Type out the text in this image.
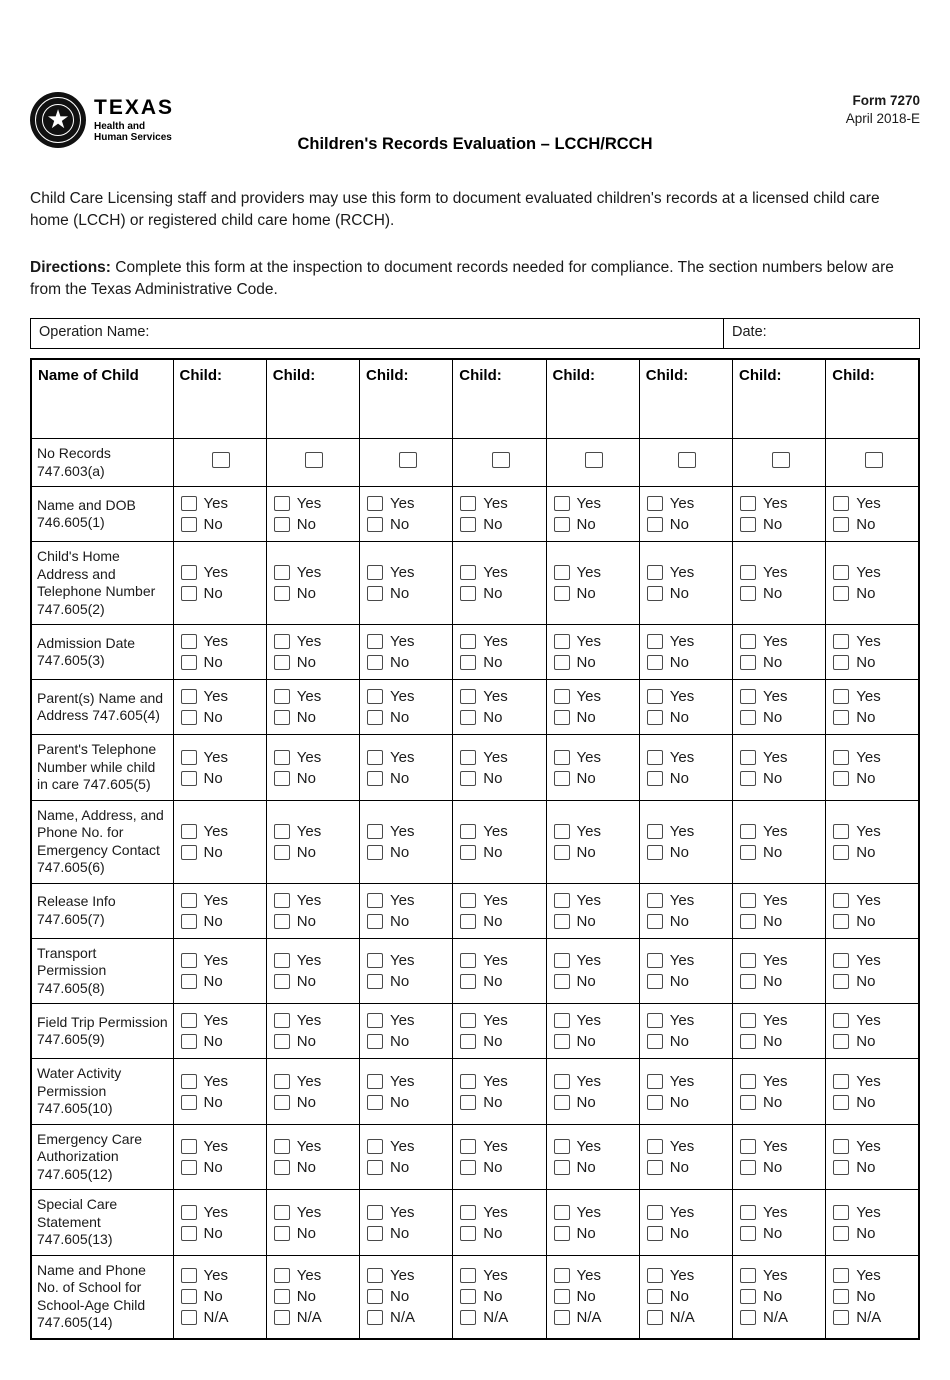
★	TEXAS
Health and Human Services
Form 7270
April 2018-E
Children's Records Evaluation – LCCH/RCCH

Child Care Licensing staff and providers may use this form to document evaluated children's records at a licensed child care home (LCCH) or registered child care home (RCCH).

Directions: Complete this form at the inspection to document records needed for compliance. The section numbers below are from the Texas Administrative Code.

Operation Name:	Date:
Name of Child	Child:	Child:	Child:	Child:	Child:	Child:	Child:	Child:
No Records 747.603(a)								
Name and DOB 746.605(1)	Yes
No	Yes
No	Yes
No	Yes
No	Yes
No	Yes
No	Yes
No	Yes
No

Child's Home Address and Telephone Number 747.605(2)	Yes
No	Yes
No	Yes
No	Yes
No	Yes
No	Yes
No	Yes
No	Yes
No

Admission Date 747.605(3)	Yes
No	Yes
No	Yes
No	Yes
No	Yes
No	Yes
No	Yes
No	Yes
No

Parent(s) Name and Address 747.605(4)	Yes
No	Yes
No	Yes
No	Yes
No	Yes
No	Yes
No	Yes
No	Yes
No

Parent's Telephone Number while child in care 747.605(5)	Yes
No	Yes
No	Yes
No	Yes
No	Yes
No	Yes
No	Yes
No	Yes
No

Name, Address, and Phone No. for Emergency Contact 747.605(6)	Yes
No	Yes
No	Yes
No	Yes
No	Yes
No	Yes
No	Yes
No	Yes
No

Release Info 747.605(7)	Yes
No	Yes
No	Yes
No	Yes
No	Yes
No	Yes
No	Yes
No	Yes
No

Transport Permission 747.605(8)	Yes
No	Yes
No	Yes
No	Yes
No	Yes
No	Yes
No	Yes
No	Yes
No

Field Trip Permission 747.605(9)	Yes
No	Yes
No	Yes
No	Yes
No	Yes
No	Yes
No	Yes
No	Yes
No

Water Activity Permission 747.605(10)	Yes
No	Yes
No	Yes
No	Yes
No	Yes
No	Yes
No	Yes
No	Yes
No

Emergency Care Authorization 747.605(12)	Yes
No	Yes
No	Yes
No	Yes
No	Yes
No	Yes
No	Yes
No	Yes
No

Special Care Statement 747.605(13)	Yes
No	Yes
No	Yes
No	Yes
No	Yes
No	Yes
No	Yes
No	Yes
No

Name and Phone No. of School for School-Age Child 747.605(14)	Yes
No
N/A	Yes
No
N/A	Yes
No
N/A	Yes
No
N/A	Yes
No
N/A	Yes
No
N/A	Yes
No
N/A	Yes
No
N/A
